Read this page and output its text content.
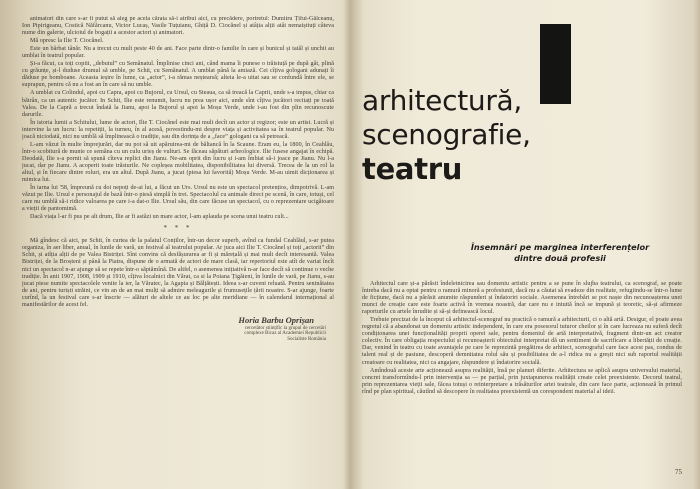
animatori din care s-ar fi putut să aleg pe acela cărata să-i atribui aici, cu precădere, portretul: Dumitru Țifui-Gălceanu, Ion Pipirigeanu, Costică Năfărcanu, Victor Lucaș, Vasile Tuțuianu, Ghiță D. Ciocănel și atâția alții atât nemaiștiuți câteva nume din galerie, ulcioiul de bogații a acestor actori și animatori.

Mă opresc la Ilie T. Ciocănel.

Este un bărbat tânăr. Nu a trecut cu mult peste 40 de ani. Face parte dintr-o familie în care și bunicul și tatăl și unchii au umblat în teatrul popular.

Și-a făcut, ca toți copiii, „debutul” cu Semănatul. Împlinise cinci ani, când mama îi punese o trăistuță pe după gât, plină cu grăunțe, și-l duduse drumul să umble, pe Schit, cu Semănatul. A umblat până la amiază. Cei cîțiva gologani adunați îi dăduse pe bomboane. Aceasta ieșire în lume, ca „actor”, i-a rămas neștearsă; alteia le-a uitat sau se confundă între ele, se suprapun, pentru că nu a fost an în care să nu umble.

A umblat cu Colindul, apoi cu Capra, apoi cu Bujorul, cu Ursul, cu Steaua, ca să treacă la Caprii, unde s-a impus, chiar ca bătrân, ca un autentic jucător. In Schit, Ilie este renumit, lucru nu prea ușor aici, unde sînt cîțiva jucători recitați pe toată Valea. De la Capră a trecut îndată la Jianu, apoi la Bujorul și apoi la Moșu Verde, unde i-au fost din plin recunoscute darurile.

În istoria lumii a Schitului, lume de actori, Ilie T. Ciocănel este mai mult decît un actor și regizor; este un artist. Lucră și intervine la un lucru: la repetiții, la turneu, în al acesă, povestindu-mi despre viața și activitatea sa în teatrul popular. Nu joacă niciodată, nici nu umblă să împlinească o tradiție, sau din dorința de a „face” gologani ca să petreacă.

L-am văzut în multe împrejurări, dar nu pot să uit apăruirea-mi de băltancă în la Scaune. Eram eu, la 1800, în Ceahlău, într-o scobitură de munte ce semăna cu un culu urieș de vulturi. Se făceau săpături arheologice. Ilie fusese angajat în echipă. Deodată, Ilie s-a pornit să spună cîteva replici din Jianu. Ne-am oprit din lucru și i-am îmbiat să-i joace pe Jianu. Nu l-a jucat, dar pe Jianu. A acoperit toate trăsturile. Ne copleșea mobilitatea, disponibilitatea lui diversă. Trecea de la un rol la altul, și în fiecare dintre roluri, era un altul. După Jianu, a jucat (piesa lui favorită) Moșu Verde. M-au uimit dicționarea și mimica lui.

În iarna lui '58, împreună cu doi nepoți de-ai lui, a făcut un Urs. Ursul nu este un spectacol pretențios, dimpotrivă. L-am văzut pe Ilie. Ursul e personajul de bază într-o piesă simplă în trei. Spectacolul cu animale direct pe scenă, în care, totuși, cel care nu umblă să-i ridice valoarea pe care i-a dat-o Ilie. Ursul său, din care făcuse un spectacol, cu o reprezentare ucigătoare a vieții de pantomimă.

Dacă viața l-ar fi pus pe alt drum, Ilie ar fi astăzi un mare actor, l-am aplauda pe scena unui teatru cult...

* * *

Mă gîndesc că aici, pe Schit, în curtea de la palatul Conților, într-un decor superb, avînd ca fundal Ceahlăul, s-ar putea organiza, în aer liber, anual, în lunile de vară, un festival al teatrului popular. Ar juca aici Ilie T. Ciocănel și toți „actorii” din Schit, și atîția alții de pe Valea Bistriței. Sînt convins că desfășurarea ar fi și mărețală și mai mult decît interesantă. Valea Bistriței, de la Broșteni și până la Piatra, dispune de o armată de actori de mare clasă, iar repertoriul este atît de variat încît nici un spectacol n-ar ajunge să se repete într-o săptămînă. De altfel, o asemenea inițiativă n-ar face decît să continue o veche tradiție. În anii 1907, 1908, 1909 și 1910, cîțiva localnici din Vărat, ca si la Poiana Țigăieni, în lunile de vară, pe Jianu, s-au jucat piese numite spectacolele venite la ier, la Văratec, la Agapia și Bălțătești. Ideea s-ar cuveni reluată. Pentru seninătatea de ani, pentru turiști străini, ce vin an de an mai mulți să admire meleagurile și frumusețile țării noastre. S-ar ajunge, foarte curînd, la un festival care s-ar înscrie — alături de altele ce au loc pe alte meridiane — în calendarul internațional al manifestărilor de acest fel.

Horia Barbu Oprișan
cercetător științific la grupul de cercetări
complexe Bicaz al Academiei Republicii
Socialiste România
arhitectură,
scenografie,
teatru
Însemnări pe marginea interferențelor
dintre două profesii

Arhitectul care și-a părăsit îndeletnicirea sau domeniu artistic pentru a se pune în slujba teatrului, ca scenograf, se poate întreba dacă nu a optat pentru o ramură minoră a profesiunii, dacă nu a căutat să evadeze din realitate, refugiindu-se într-o lume de ficțiune, dacă nu a părăsit anumite răspunderi și îndatoriri sociale. Asemenea întrebări se pot naște din necunoașterea unei munci de creație care este foarte activă în vremea noastră, dar care nu e intuită încă se impună și teoretic, să-și afirmeze raporturile cu artele înrudite și să-și definească locul.

Trebuie precizat de la început că arhitectul-scenograf nu practică o ramură a arhitecturii, ci o altă artă. Desigur, el poate avea regretul că a abandonat un domeniu artistic independent, în care era posesorul tuturor cheilor și în care lucreaza nu suferă decît condiționarea unei funcționalități proprii operei sale, pentru domeniul de artă interpretativă, fragment dintr-un act creator colectiv. În care obligația respectului și recunoașterii obiectului interpretat dă un sentiment de sacrificare a libertății de creație. Dar, venind în teatru cu toate avantajele pe care le reprezintă pregătirea de arhitect, scenograful care face acest pas, condus de talent real și de pasiune, descoperă demnitatea rolul său și posibilitatea de a-l ridica nu a greșit nici sub raportul realității creatoare cu realitatea, nici ca angajare, răspundere și îndatorire socială.

Amîndouă aceste arte acționează asupra realității, însă pe planuri diferite. Arhitectura se aplică asupra universului material, concret transformîndu-l prin intervenția sa — pe parțial, prin juxtapunerea realității create celei preexistente. Decorul teatral, prin reprezentarea vieții sale, făcea totuși o reinterpretare a trăsăturilor artei teatrale, din care face parte, acționează în primul rînd pe plan spiritual, căutînd să descopere în realitatea preexistentă un corespondent material al ideii.

75
